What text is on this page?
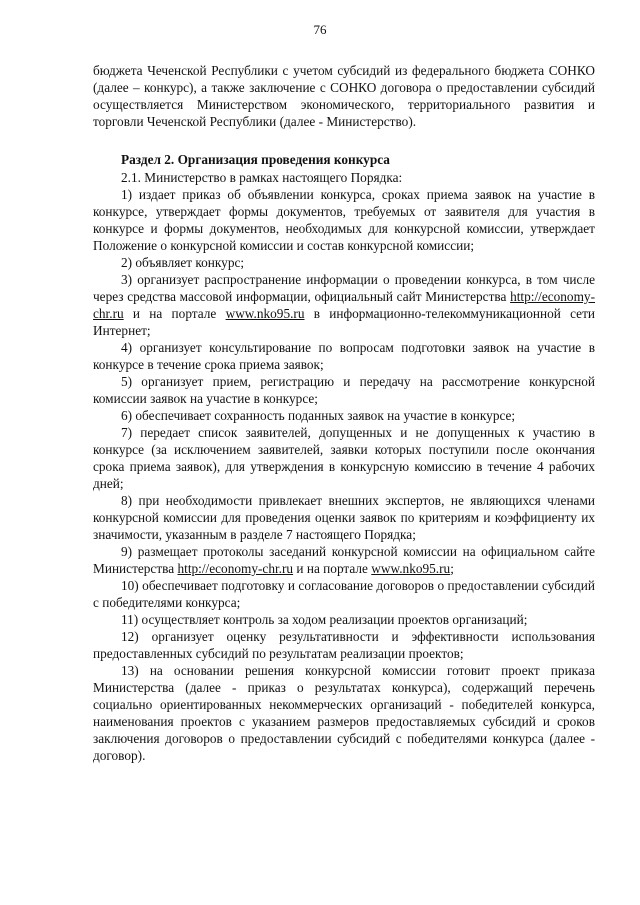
76

бюджета Чеченской Республики с учетом субсидий из федерального бюджета СОНКО (далее – конкурс), а также заключение с СОНКО договора о предоставлении субсидий осуществляется Министерством экономического, территориального развития и торговли Чеченской Республики (далее - Министерство).

Раздел 2. Организация проведения конкурса

2.1. Министерство в рамках настоящего Порядка:

1) издает приказ об объявлении конкурса, сроках приема заявок на участие в конкурсе, утверждает формы документов, требуемых от заявителя для участия в конкурсе и формы документов, необходимых для конкурсной комиссии, утверждает Положение о конкурсной комиссии и состав конкурсной комиссии;

2) объявляет конкурс;

3) организует распространение информации о проведении конкурса, в том числе через средства массовой информации, официальный сайт Министерства http://economy-chr.ru и на портале www.nko95.ru в информационно-телекоммуникационной сети Интернет;

4) организует консультирование по вопросам подготовки заявок на участие в конкурсе в течение срока приема заявок;

5) организует прием, регистрацию и передачу на рассмотрение конкурсной комиссии заявок на участие в конкурсе;

6) обеспечивает сохранность поданных заявок на участие в конкурсе;

7) передает список заявителей, допущенных и не допущенных к участию в конкурсе (за исключением заявителей, заявки которых поступили после окончания срока приема заявок), для утверждения в конкурсную комиссию в течение 4 рабочих дней;

8) при необходимости привлекает внешних экспертов, не являющихся членами конкурсной комиссии для проведения оценки заявок по критериям и коэффициенту их значимости, указанным в разделе 7 настоящего Порядка;

9) размещает протоколы заседаний конкурсной комиссии на официальном сайте Министерства http://economy-chr.ru и на портале www.nko95.ru;

10) обеспечивает подготовку и согласование договоров о предоставлении субсидий с победителями конкурса;

11) осуществляет контроль за ходом реализации проектов организаций;

12) организует оценку результативности и эффективности использования предоставленных субсидий по результатам реализации проектов;

13) на основании решения конкурсной комиссии готовит проект приказа Министерства (далее - приказ о результатах конкурса), содержащий перечень социально ориентированных некоммерческих организаций - победителей конкурса, наименования проектов с указанием размеров предоставляемых субсидий и сроков заключения договоров о предоставлении субсидий с победителями конкурса (далее - договор).
